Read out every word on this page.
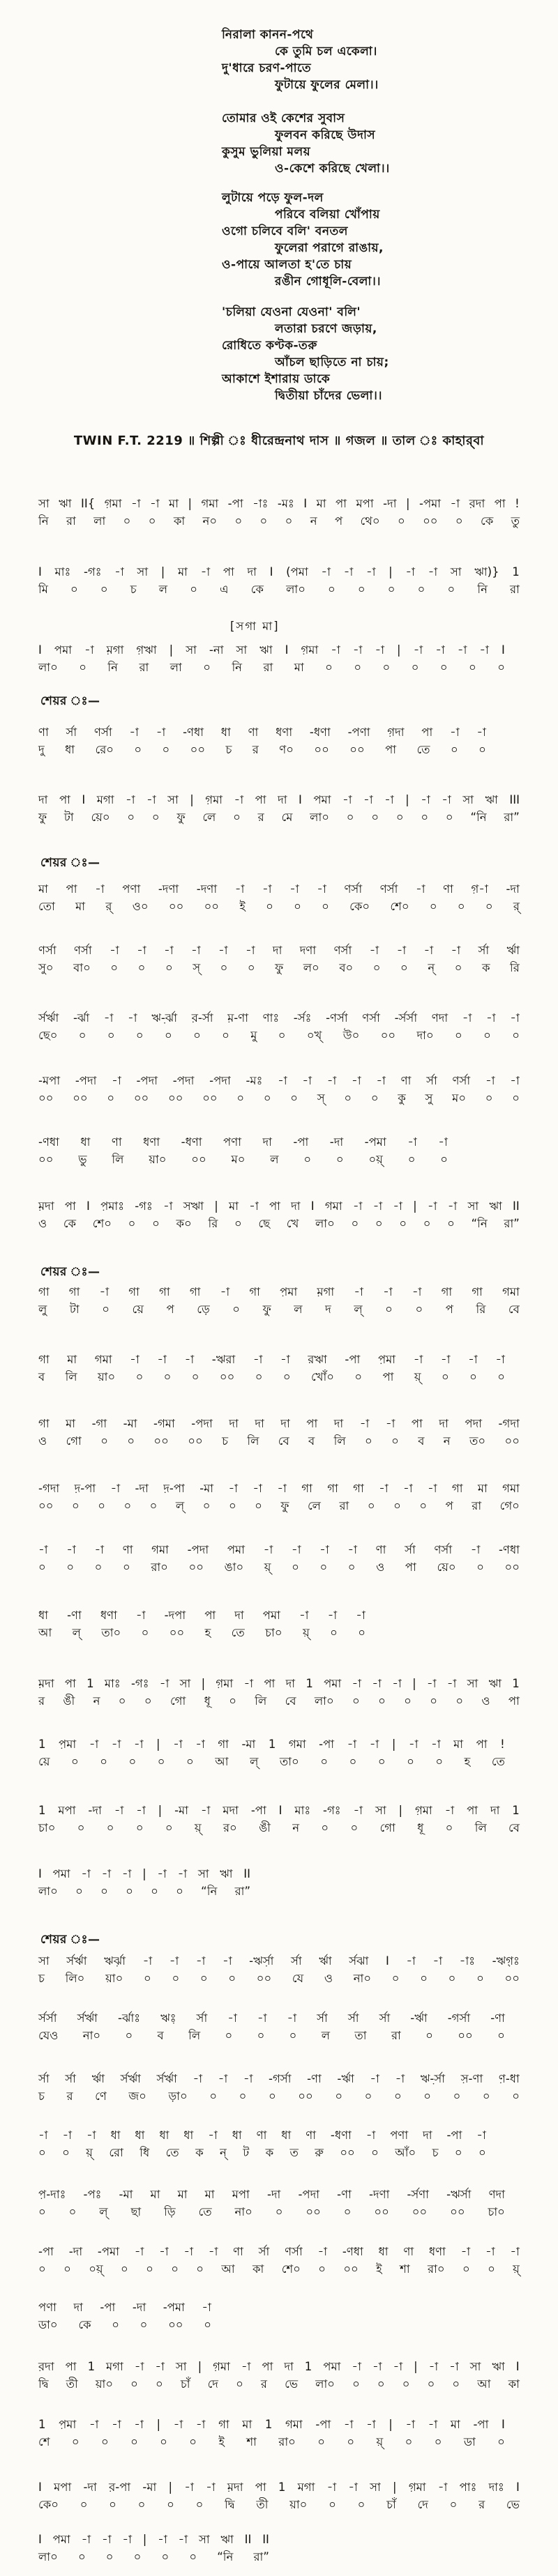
নিরালা কানন-পথে
কে তুমি চল একেলা।
দু'ধারে চরণ-পাতে
ফুটায়ে ফুলের মেলা।।
তোমার ওই কেশের সুবাস
ফুলবন করিছে উদাস
কুসুম ভুলিয়া মলয়
ও-কেশে করিছে খেলা।।
লুটায়ে পড়ে ফুল-দল
পরিবে বলিয়া খোঁপায়
ওগো চলিবে বলি' বনতল
ফুলেরা পরাগে রাঙায়,
ও-পায়ে আলতা হ'তে চায়
রঙীন গোধূলি-বেলা।।
'চলিয়া যেওনা যেওনা' বলি'
লতারা চরণে জড়ায়,
রোধিতে কণ্টক-তরু
আঁচল ছাড়িতে না চায়;
আকাশে ইশারায় ডাকে
দ্বিতীয়া চাঁদের ভেলা।।
TWIN F.T. 2219 ॥ শিল্পী ঃ ধীরেন্দ্রনাথ দাস ॥ গজল ॥ তাল ঃ কাহার্‌বা
সা ঋা II{ গ়মা -া -া মা | গমা -পা -াঃ -মঃ I মা পা মপা -দা | -পমা -া ব়দা পা !
নি রা লা ০ ০ কা ন০ ০ ০ ০ ন প থে০ ০ ০০ ০ কে তু
I মাঃ -গঃ -া সা | মা -া পা দা I (পমা -া -া -া | -া -া সা ঋা)} 1
মি ০ ০ চ ল ০ এ কে লা০ ০ ০ ০ ০ ০ নি রা
[সগা মা]
I পমা -া ম়গা গ়ঋা | সা -না সা ঋা I গ়মা -া -া -া | -া -া -া -া I
লা০ ০ নি রা লা ০ নি রা মা ০ ০ ০ ০ ০ ০ ০
শেয়র ঃ—
ণা র্সা ণর্সা -া -া -ণধা ধা ণা ধণা -ধণা -পণা গ়দা পা -া -া
দু ধা রে০ ০ ০ ০০ চ র ণ০ ০০ ০০ পা তে ০ ০
দা পা I মগা -া -া সা | গ়মা -া পা দা I পমা -া -া -া | -া -া সা ঋা III
ফু টা য়ে০ ০ ০ ফু লে ০ র মে লা০ ০ ০ ০ ০ ০ “নি রা”
শেয়র ঃ—
মা পা -া পণা -দণা -দণা -া -া -া -া ণর্সা ণর্সা -া ণা গ়-া -দা
তো মা র্ ও০ ০০ ০০ ই ০ ০ ০ কে০ শে০ ০ ০ ০ র্
ণর্সা ণর্সা -া -া -া -া -া -া দা দণা ণর্সা -া -া -া -া র্সা র্ঋা
সু০ বা০ ০ ০ ০ স্ ০ ০ ফু ল০ ব০ ০ ০ ন্ ০ ক রি
র্সর্ঋা -র্ঝা -া -া ঋ়-র্ঝা ব়-র্সা ম়-ণা ণাঃ -র্সঃ -ণর্সা ণর্সা -র্সর্সা ণদা -া -া -া
ছে০ ০ ০ ০ ০ ০ ০ মু ০ ০খ্ উ০ ০০ দা০ ০ ০ ০
-মপা -পদা -া -পদা -পদা -পদা -মঃ -া -া -া -া -া ণা র্সা ণর্সা -া -া
০০ ০০ ০ ০০ ০০ ০০ ০ ০ ০ স্ ০ ০ কু সু ম০ ০ ০
-ণধা ধা ণা ধণা -ধণা পণা দা -পা -দা -পমা -া -া
০০ ভু লি য়া০ ০০ ম০ ল ০ ০ ০য়্ ০ ০
ম়দা পা I প়মাঃ -গঃ -া সঋা | মা -া পা দা I গমা -া -া -া | -া -া সা ঋা II
ও কে শে০ ০ ০ ক০ রি ০ ছে খে লা০ ০ ০ ০ ০ ০ “নি রা”
শেয়র ঃ—
গা গা -া গা গা গা -া গা প়মা ম়গা -া -া -া গা গা গমা
লু টা ০ য়ে প ড়ে ০ ফু ল দ ল্ ০ ০ প রি বে
গা মা গমা -া -া -া -ঋরা -া -া রঋা -পা প়মা -া -া -া -া
ব লি য়া০ ০ ০ ০ ০০ ০ ০ খোঁ০ ০ পা য়্ ০ ০ ০
গা মা -গা -মা -গমা -পদা দা দা দা পা দা -া -া পা দা পদা -গদা
ও গো ০ ০ ০০ ০০ চ লি বে ব লি ০ ০ ব ন ত০ ০০
-গদা দ়-পা -া -দা দ়-পা -মা -া -া -া গা গা গা -া -া -া গা মা গমা
০০ ০ ০ ০ ০ ল্ ০ ০ ০ ফু লে রা ০ ০ ০ প রা গে০
-া -া -া ণা গমা -পদা পমা -া -া -া -া ণা র্সা ণর্সা -া -ণধা
০ ০ ০ ০ রা০ ০০ ঙা০ য়্ ০ ০ ০ ও পা য়ে০ ০ ০০
ধা -ণা ধণা -া -দপা পা দা পমা -া -া -া
আ ল্ তা০ ০ ০০ হ তে চা০ য়্ ০ ০
ম়দা পা 1 মাঃ -গঃ -া সা | গ়মা -া পা দা 1 পমা -া -া -া | -া -া সা ঋা 1
র ঙী ন ০ ০ গো ধূ ০ লি বে লা০ ০ ০ ০ ০ ০ ও পা
1 প়মা -া -া -া | -া -া গা -মা 1 গমা -পা -া -া | -া -া মা পা !
য়ে ০ ০ ০ ০ ০ আ ল্ তা০ ০ ০ ০ ০ ০ হ তে
1 মপা -দা -া -া | -মা -া মদা -পা I মাঃ -গঃ -া সা | গ়মা -া পা দা 1
চা০ ০ ০ ০ ০ য়্ র০ ঙী ন ০ ০ গো ধূ ০ লি বে
I পমা -া -া -া | -া -া সা ঋা II
লা০ ০ ০ ০ ০ ০ “নি রা”
শেয়র ঃ—
সা র্সর্ঋা ঋ়র্ঝা -া -া -া -া -ঋ়র্সা র্সা র্ঋা র্সঝা I -া -া -াঃ -ঋ়গ়ঃ
চ লি০ য়া০ ০ ০ ০ ০ ০০ যে ও না০ ০ ০ ০ ০ ০০
র্সর্সা র্সর্ঋা -র্ঝাঃ ঋ়ঃ র্সা -া -া -া র্সা র্সা র্সা -র্ঋা -গর্সা -ণা
যেও না০ ০ ব লি ০ ০ ০ ল তা রা ০ ০০ ০
র্সা র্সা র্ঋা র্সর্ঋা র্সর্ঋা -া -া -া -গর্সা -ণা -র্ঋা -া -া ঋ়-র্সা স়-ণা ণ়-ধা
চ র ণে জ০ ড়া০ ০ ০ ০ ০০ ০ ০ ০ ০ ০ ০ ০
-া -া -া ধা ধা ধা ধা -া ধা ণা ধা ণা -ধণা -া পণা দা -পা -া
০ ০ য়্ রো ধি তে ক ন্ ট ক ত রু ০০ ০ আঁ০ চ ০ ০
প়-দাঃ -পঃ -মা মা মা মা মপা -দা -পদা -ণা -দণা -র্সণা -ঋর্সা ণদা
০ ০ ল্ ছা ড়ি তে না০ ০ ০০ ০ ০০ ০০ ০০ চা০
-পা -দা -পমা -া -া -া -া ণা র্সা ণর্সা -া -ণধা ধা ণা ধণা -া -া -া
০ ০ ০য়্ ০ ০ ০ ০ আ কা শে০ ০ ০০ ই শা রা০ ০ ০ য়্
পণা দা -পা -দা -পমা -া
ডা০ কে ০ ০ ০০ ০
ব়দা পা 1 মগা -া -া সা | গ়মা -া পা দা 1 পমা -া -া -া | -া -া সা ঋা I
দ্বি তী য়া০ ০ ০ চাঁ দে ০ র ভে লা০ ০ ০ ০ ০ ০ আ কা
1 প়মা -া -া -া | -া -া গা মা 1 গমা -পা -া -া | -া -া মা -পা I
শে ০ ০ ০ ০ ০ ই শা রা০ ০ ০ য়্ ০ ০ ডা ০
I মপা -দা ব়-পা -মা | -া -া ম়দা পা 1 মগা -া -া সা | গ়মা -া পাঃ দাঃ I
কে০ ০ ০ ০ ০ ০ দ্বি তী য়া০ ০ ০ চাঁ দে ০ র ভে
I পমা -া -া -া | -া -া সা ঋা II II
লা০ ০ ০ ০ ০ ০ “নি রা”
